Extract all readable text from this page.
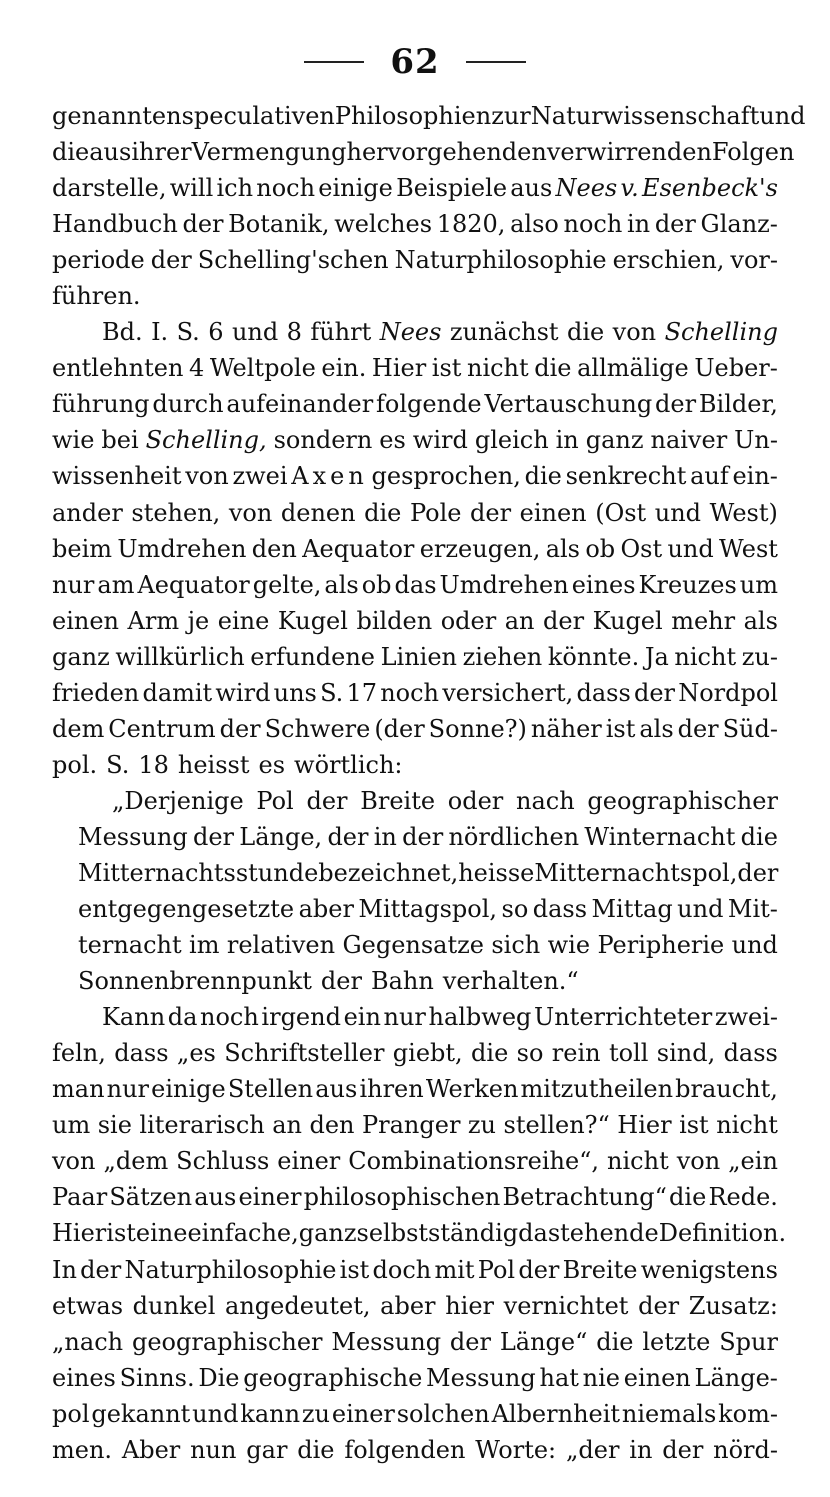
62
genannten speculativen Philosophien zur Naturwissenschaft und
die aus ihrer Vermengung hervorgehenden verwirrenden Folgen
darstelle, will ich noch einige Beispiele aus Nees v. Esenbeck's
Handbuch der Botanik, welches 1820, also noch in der Glanz-
periode der Schelling'schen Naturphilosophie erschien, vor-
führen.
Bd. I. S. 6 und 8 führt Nees zunächst die von Schelling
entlehnten 4 Weltpole ein. Hier ist nicht die allmälige Ueber-
führung durch aufeinander folgende Vertauschung der Bilder,
wie bei Schelling, sondern es wird gleich in ganz naiver Un-
wissenheit von zwei Axen gesprochen, die senkrecht auf ein-
ander stehen, von denen die Pole der einen (Ost und West)
beim Umdrehen den Aequator erzeugen, als ob Ost und West
nur am Aequator gelte, als ob das Umdrehen eines Kreuzes um
einen Arm je eine Kugel bilden oder an der Kugel mehr als
ganz willkürlich erfundene Linien ziehen könnte. Ja nicht zu-
frieden damit wird uns S. 17 noch versichert, dass der Nordpol
dem Centrum der Schwere (der Sonne?) näher ist als der Süd-
pol. S. 18 heisst es wörtlich:
„Derjenige Pol der Breite oder nach geographischer
Messung der Länge, der in der nördlichen Winternacht die
Mitternachtsstunde bezeichnet, heisse Mitternachtspol, der
entgegengesetzte aber Mittagspol, so dass Mittag und Mit-
ternacht im relativen Gegensatze sich wie Peripherie und
Sonnenbrennpunkt der Bahn verhalten.“
Kann da noch irgend ein nur halbweg Unterrichteter zwei-
feln, dass „es Schriftsteller giebt, die so rein toll sind, dass
man nur einige Stellen aus ihren Werken mitzutheilen braucht,
um sie literarisch an den Pranger zu stellen?“ Hier ist nicht
von „dem Schluss einer Combinationsreihe“, nicht von „ein
Paar Sätzen aus einer philosophischen Betrachtung“ die Rede.
Hier ist eine einfache, ganz selbstständig dastehende Definition.
In der Naturphilosophie ist doch mit Pol der Breite wenigstens
etwas dunkel angedeutet, aber hier vernichtet der Zusatz:
„nach geographischer Messung der Länge“ die letzte Spur
eines Sinns. Die geographische Messung hat nie einen Länge-
pol gekannt und kann zu einer solchen Albernheit niemals kom-
men. Aber nun gar die folgenden Worte: „der in der nörd-
